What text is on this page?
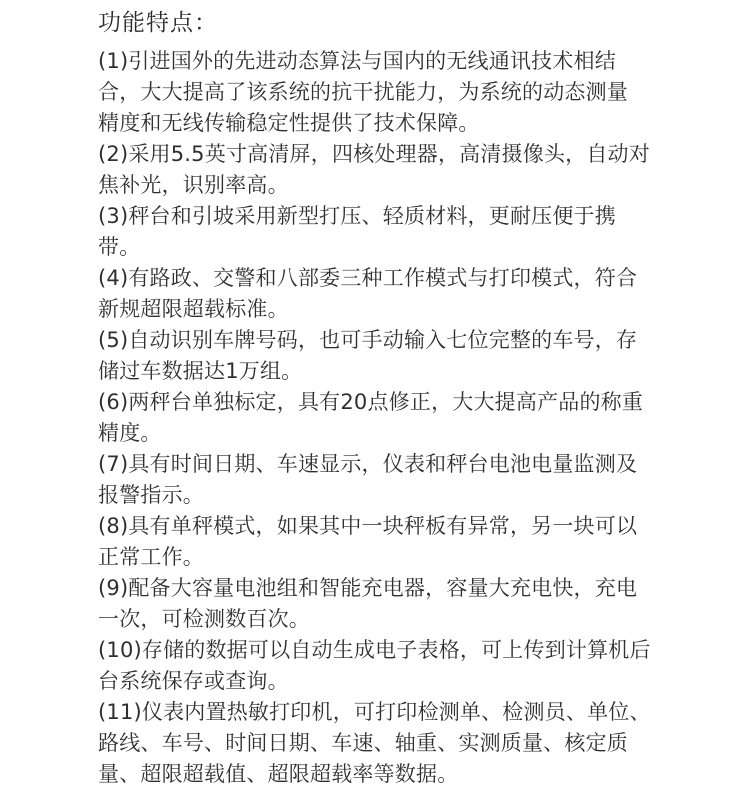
功能特点：
(1)引进国外的先进动态算法与国内的无线通讯技术相结
合，大大提高了该系统的抗干扰能力，为系统的动态测量
精度和无线传输稳定性提供了技术保障。
(2)采用5.5英寸高清屏，四核处理器，高清摄像头，自动对
焦补光，识别率高。
(3)秤台和引坡采用新型打压、轻质材料，更耐压便于携
带。
(4)有路政、交警和八部委三种工作模式与打印模式，符合
新规超限超载标准。
(5)自动识别车牌号码，也可手动输入七位完整的车号，存
储过车数据达1万组。
(6)两秤台单独标定，具有20点修正，大大提高产品的称重
精度。
(7)具有时间日期、车速显示，仪表和秤台电池电量监测及
报警指示。
(8)具有单秤模式，如果其中一块秤板有异常，另一块可以
正常工作。
(9)配备大容量电池组和智能充电器，容量大充电快，充电
一次，可检测数百次。
(10)存储的数据可以自动生成电子表格，可上传到计算机后
台系统保存或查询。
(11)仪表内置热敏打印机，可打印检测单、检测员、单位、
路线、车号、时间日期、车速、轴重、实测质量、核定质
量、超限超载值、超限超载率等数据。
